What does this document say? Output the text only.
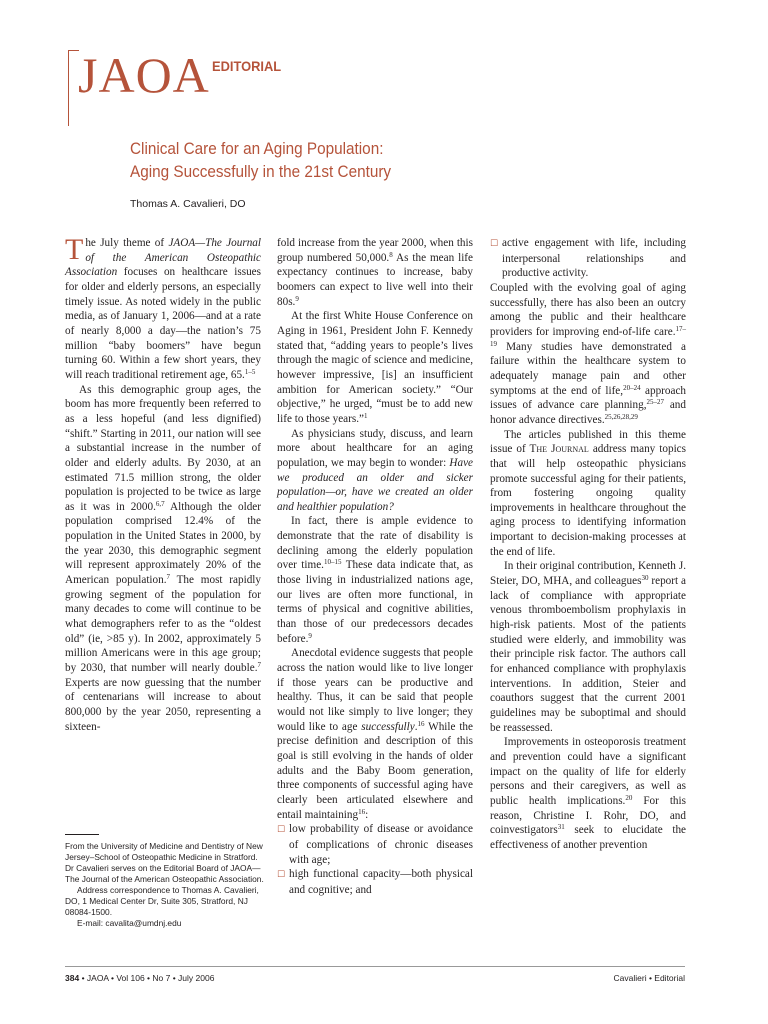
JAOA EDITORIAL
Clinical Care for an Aging Population:
Aging Successfully in the 21st Century
Thomas A. Cavalieri, DO

The July theme of JAOA—The Journal of the American Osteopathic Association focuses on healthcare issues for older and elderly persons, an especially timely issue. As noted widely in the public media, as of January 1, 2006—and at a rate of nearly 8,000 a day—the nation’s 75 million “baby boomers” have begun turning 60. Within a few short years, they will reach traditional retirement age, 65.$^{1-5}$

As this demographic group ages, the boom has more frequently been referred to as a less hopeful (and less dignified) “shift.” Starting in 2011, our nation will see a substantial increase in the number of older and elderly adults. By 2030, at an estimated 71.5 million strong, the older population is projected to be twice as large as it was in 2000.$^{6,7}$ Although the older population comprised 12.4% of the population in the United States in 2000, by the year 2030, this demographic segment will represent approximately 20% of the American population.$^7$ The most rapidly growing segment of the population for many decades to come will continue to be what demographers refer to as the “oldest old” (ie, >85 y). In 2002, approximately 5 million Americans were in this age group; by 2030, that number will nearly double.$^7$ Experts are now guessing that the number of centenarians will increase to about 800,000 by the year 2050, representing a sixteen-

fold increase from the year 2000, when this group numbered 50,000.$^8$ As the mean life expectancy continues to increase, baby boomers can expect to live well into their 80s.$^9$

At the first White House Conference on Aging in 1961, President John F. Kennedy stated that, “adding years to people’s lives through the magic of science and medicine, however impressive, [is] an insufficient ambition for American society.” “Our objective,” he urged, “must be to add new life to those years.”$^1$

As physicians study, discuss, and learn more about healthcare for an aging population, we may begin to wonder: Have we produced an older and sicker population—or, have we created an older and healthier population?

In fact, there is ample evidence to demonstrate that the rate of disability is declining among the elderly population over time.$^{10-15}$ These data indicate that, as those living in industrialized nations age, our lives are often more functional, in terms of physical and cognitive abilities, than those of our predecessors decades before.$^9$

Anecdotal evidence suggests that people across the nation would like to live longer if those years can be productive and healthy. Thus, it can be said that people would not like simply to live longer; they would like to age successfully.$^{16}$ While the precise definition and description of this goal is still evolving in the hands of older adults and the Baby Boom generation, three components of successful aging have clearly been articulated elsewhere and entail maintaining$^{16}$:

☐ low probability of disease or avoidance of complications of chronic diseases with age;

☐ high functional capacity—both physical and cognitive; and

☐ active engagement with life, including interpersonal relationships and productive activity.

Coupled with the evolving goal of aging successfully, there has also been an outcry among the public and their healthcare providers for improving end-of-life care.$^{17-19}$ Many studies have demonstrated a failure within the healthcare system to adequately manage pain and other symptoms at the end of life,$^{20-24}$ approach issues of advance care planning,$^{25-27}$ and honor advance directives.$^{25,26,28,29}$

The articles published in this theme issue of The Journal address many topics that will help osteopathic physicians promote successful aging for their patients, from fostering ongoing quality improvements in healthcare throughout the aging process to identifying information important to decision-making processes at the end of life.

In their original contribution, Kenneth J. Steier, DO, MHA, and colleagues$^{30}$ report a lack of compliance with appropriate venous thromboembolism prophylaxis in high-risk patients. Most of the patients studied were elderly, and immobility was their principle risk factor. The authors call for enhanced compliance with prophylaxis interventions. In addition, Steier and coauthors suggest that the current 2001 guidelines may be suboptimal and should be reassessed.

Improvements in osteoporosis treatment and prevention could have a significant impact on the quality of life for elderly persons and their caregivers, as well as public health implications.$^{20}$ For this reason, Christine I. Rohr, DO, and coinvestigators$^{31}$ seek to elucidate the effectiveness of another prevention

From the University of Medicine and Dentistry of New Jersey–School of Osteopathic Medicine in Stratford. Dr Cavalieri serves on the Editorial Board of JAOA—The Journal of the American Osteopathic Association.

Address correspondence to Thomas A. Cavalieri, DO, 1 Medical Center Dr, Suite 305, Stratford, NJ 08084-1500.

E-mail: cavalita@umdnj.edu

384 • JAOA • Vol 106 • No 7 • July 2006	Cavalieri • Editorial
